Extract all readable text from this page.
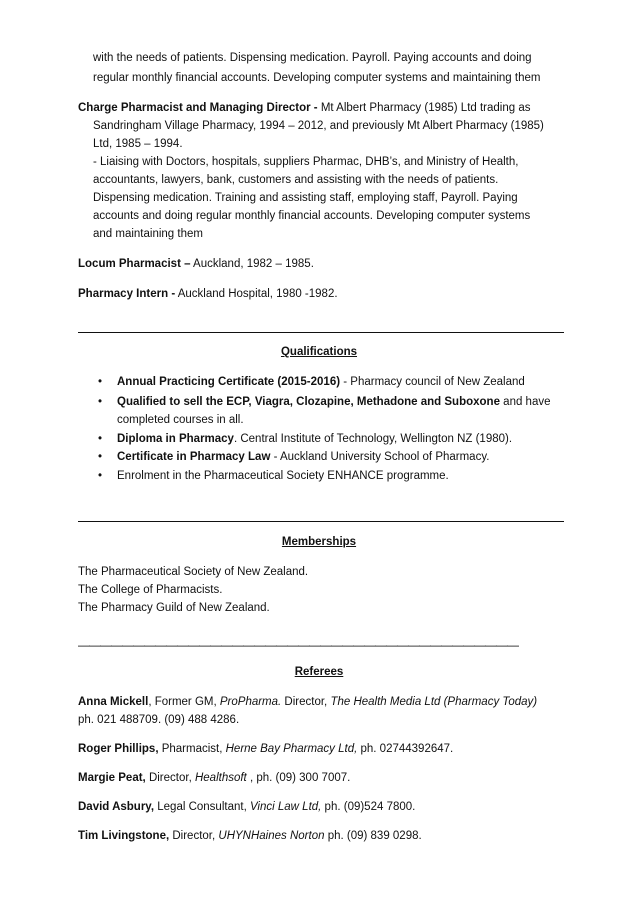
with the needs of patients. Dispensing medication. Payroll. Paying accounts and doing
regular monthly financial accounts. Developing computer systems and maintaining them
Charge Pharmacist and Managing Director - Mt Albert Pharmacy (1985) Ltd trading as
Sandringham Village Pharmacy, 1994 – 2012, and previously Mt Albert Pharmacy (1985)
Ltd, 1985 – 1994.
- Liaising with Doctors, hospitals, suppliers Pharmac, DHB’s, and Ministry of Health,
accountants, lawyers, bank, customers and assisting with the needs of patients.
Dispensing medication. Training and assisting staff, employing staff, Payroll. Paying
accounts and doing regular monthly financial accounts. Developing computer systems
and maintaining them
Locum Pharmacist – Auckland, 1982 – 1985.
Pharmacy Intern - Auckland Hospital, 1980 -1982.
Qualifications
• Annual Practicing Certificate (2015-2016) - Pharmacy council of New Zealand
• Qualified to sell the ECP, Viagra, Clozapine, Methadone and Suboxone and have
completed courses in all.
• Diploma in Pharmacy. Central Institute of Technology, Wellington NZ (1980).
• Certificate in Pharmacy Law - Auckland University School of Pharmacy.
• Enrolment in the Pharmaceutical Society ENHANCE programme.
Memberships
The Pharmaceutical Society of New Zealand.
The College of Pharmacists.
The Pharmacy Guild of New Zealand.
————————————————————————————————————————
Referees
Anna Mickell, Former GM, ProPharma. Director, The Health Media Ltd (Pharmacy Today)
ph. 021 488709. (09) 488 4286.
Roger Phillips, Pharmacist, Herne Bay Pharmacy Ltd, ph. 02744392647.
Margie Peat, Director, Healthsoft , ph. (09) 300 7007.
David Asbury, Legal Consultant, Vinci Law Ltd, ph. (09)524 7800.
Tim Livingstone, Director, UHYNHaines Norton ph. (09) 839 0298.
